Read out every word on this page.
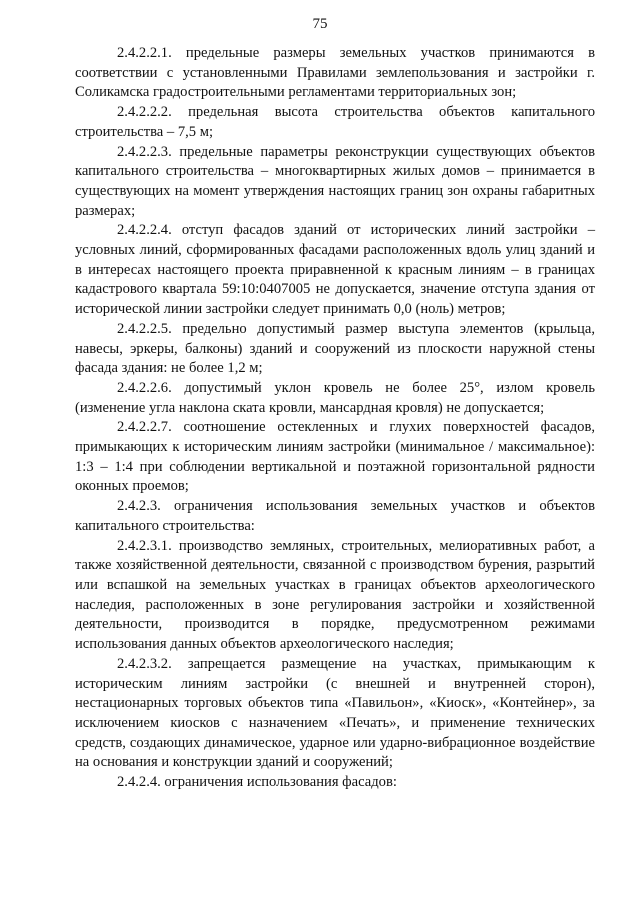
75

2.4.2.2.1. предельные размеры земельных участков принимаются в соответствии с установленными Правилами землепользования и застройки г. Соликамска градостроительными регламентами территориальных зон;

2.4.2.2.2. предельная высота строительства объектов капитального строительства – 7,5 м;

2.4.2.2.3. предельные параметры реконструкции существующих объектов капитального строительства – многоквартирных жилых домов – принимается в существующих на момент утверждения настоящих границ зон охраны габаритных размерах;

2.4.2.2.4. отступ фасадов зданий от исторических линий застройки – условных линий, сформированных фасадами расположенных вдоль улиц зданий и в интересах настоящего проекта приравненной к красным линиям – в границах кадастрового квартала 59:10:0407005 не допускается, значение отступа здания от исторической линии застройки следует принимать 0,0 (ноль) метров;

2.4.2.2.5. предельно допустимый размер выступа элементов (крыльца, навесы, эркеры, балконы) зданий и сооружений из плоскости наружной стены фасада здания: не более 1,2 м;

2.4.2.2.6. допустимый уклон кровель не более 25°, излом кровель (изменение угла наклона ската кровли, мансардная кровля) не допускается;

2.4.2.2.7. соотношение остекленных и глухих поверхностей фасадов, примыкающих к историческим линиям застройки (минимальное / максимальное): 1:3 – 1:4 при соблюдении вертикальной и поэтажной горизонтальной рядности оконных проемов;

2.4.2.3. ограничения использования земельных участков и объектов капитального строительства:

2.4.2.3.1. производство земляных, строительных, мелиоративных работ, а также хозяйственной деятельности, связанной с производством бурения, разрытий или вспашкой на земельных участках в границах объектов археологического наследия, расположенных в зоне регулирования застройки и хозяйственной деятельности, производится в порядке, предусмотренном режимами использования данных объектов археологического наследия;

2.4.2.3.2. запрещается размещение на участках, примыкающим к историческим линиям застройки (с внешней и внутренней сторон), нестационарных торговых объектов типа «Павильон», «Киоск», «Контейнер», за исключением киосков с назначением «Печать», и применение технических средств, создающих динамическое, ударное или ударно-вибрационное воздействие на основания и конструкции зданий и сооружений;

2.4.2.4. ограничения использования фасадов:
